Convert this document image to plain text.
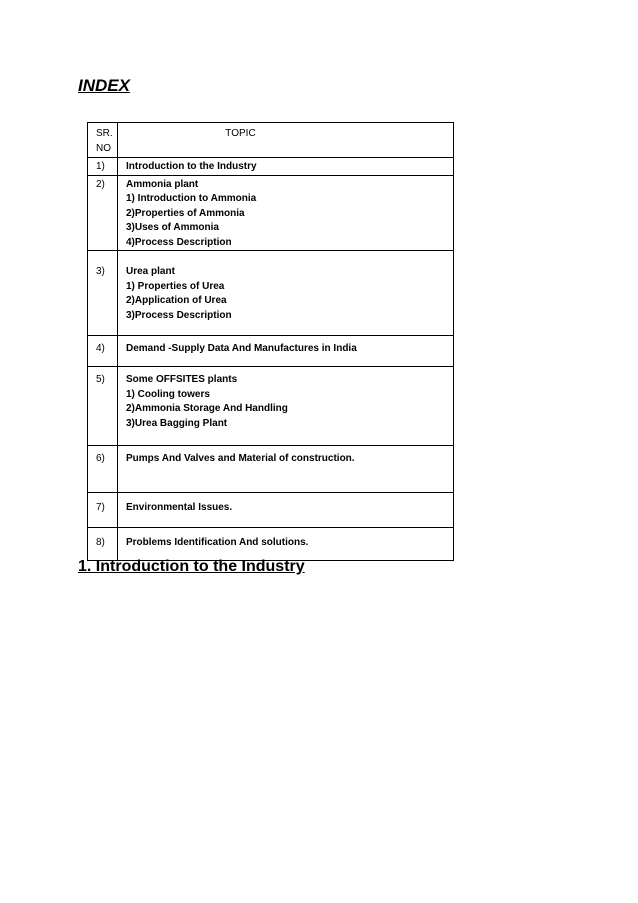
INDEX
SR.
NO	TOPIC
1)	Introduction to the Industry

2)	Ammonia plant
1) Introduction to Ammonia
2)Properties of Ammonia
3)Uses of Ammonia
4)Process Description

3)	Urea plant
1) Properties of Urea
2)Application of Urea
3)Process Description

4)	Demand -Supply Data And Manufactures in India

5)	Some OFFSITES plants
1) Cooling towers
2)Ammonia Storage And Handling
3)Urea Bagging Plant

6)	Pumps And Valves and Material of construction.

7)	Environmental Issues.

8)	Problems Identification And solutions.
1. Introduction to the Industry
